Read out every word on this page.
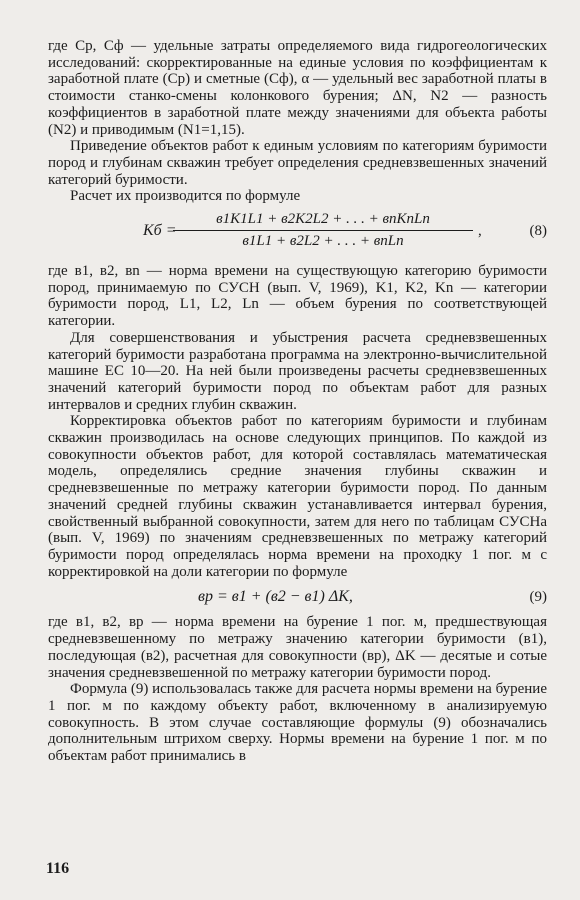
где Cр, Cф — удельные затраты определяемого вида гидрогеологических исследований: скорректированные на единые условия по коэффициентам к заработной плате (Cр) и сметные (Cф), α — удельный вес заработной платы в стоимости станко-смены колонкового бурения; ΔN, N2 — разность коэффициентов в заработной плате между значениями для объекта работы (N2) и приводимым (N1=1,15).

Приведение объектов работ к единым условиям по категориям буримости пород и глубинам скважин требует определения средневзвешенных значений категорий буримости.

Расчет их производится по формуле

Kб =
в1K1L1 + в2K2L2 + . . . + вnKnLn
в1L1 + в2L2 + . . . + вnLn
,	(8)

где в1, в2, вn — норма времени на существующую категорию буримости пород, принимаемую по СУСН (вып. V, 1969), K1, K2, Kn — категории буримости пород, L1, L2, Ln — объем бурения по соответствующей категории.

Для совершенствования и убыстрения расчета средневзвешенных категорий буримости разработана программа на электронно-вычислительной машине ЕС 10—20. На ней были произведены расчеты средневзвешенных значений категорий буримости пород по объектам работ для разных интервалов и средних глубин скважин.

Корректировка объектов работ по категориям буримости и глубинам скважин производилась на основе следующих принципов. По каждой из совокупности объектов работ, для которой составлялась математическая модель, определялись средние значения глубины скважин и средневзвешенные по метражу категории буримости пород. По данным значений средней глубины скважин устанавливается интервал бурения, свойственный выбранной совокупности, затем для него по таблицам СУСНа (вып. V, 1969) по значениям средневзвешенных по метражу категорий буримости пород определялась норма времени на проходку 1 пог. м с корректировкой на доли категории по формуле

вр = в1 + (в2 − в1) ΔK,	(9)

где в1, в2, вр — норма времени на бурение 1 пог. м, предшествующая средневзвешенному по метражу значению категории буримости (в1), последующая (в2), расчетная для совокупности (вр), ΔK — десятые и сотые значения средневзвешенной по метражу категории буримости пород.

Формула (9) использовалась также для расчета нормы времени на бурение 1 пог. м по каждому объекту работ, включенному в анализируемую совокупность. В этом случае составляющие формулы (9) обозначались дополнительным штрихом сверху. Нормы времени на бурение 1 пог. м по объектам работ принимались в

116
